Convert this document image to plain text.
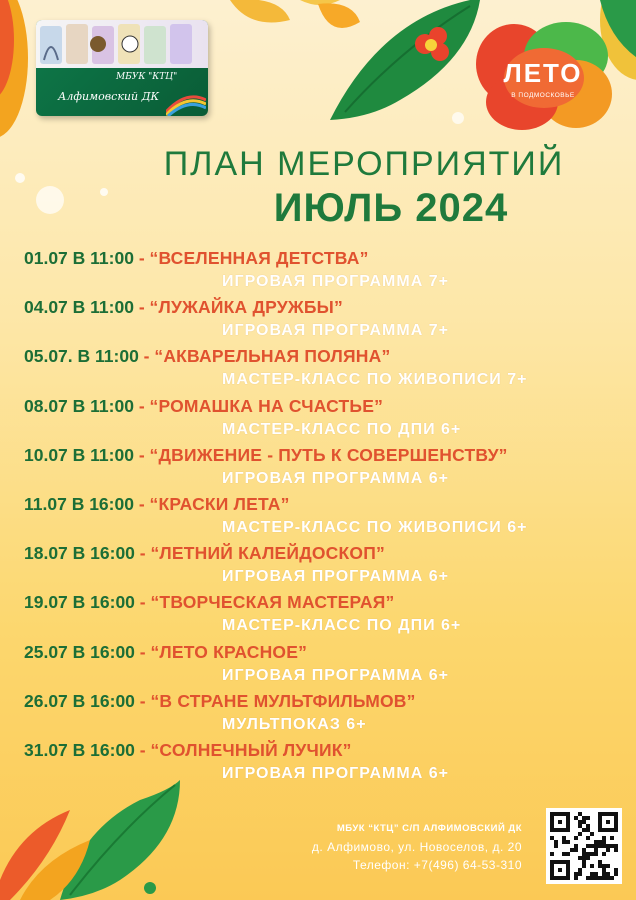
МБУК "КТЦ"
Алфимовский ДК
ЛЕТО
В ПОДМОСКОВЬЕ
ПЛАН МЕРОПРИЯТИЙ
ИЮЛЬ 2024
01.07 В 11:00 - “ВСЕЛЕННАЯ ДЕТСТВА”
ИГРОВАЯ ПРОГРАММА 7+
04.07 В 11:00 - “ЛУЖАЙКА ДРУЖБЫ”
ИГРОВАЯ ПРОГРАММА 7+
05.07. В 11:00 - “АКВАРЕЛЬНАЯ ПОЛЯНА”
МАСТЕР-КЛАСС ПО ЖИВОПИСИ 7+
08.07 В 11:00 - “РОМАШКА НА СЧАСТЬЕ”
МАСТЕР-КЛАСС ПО ДПИ 6+
10.07 В 11:00 - “ДВИЖЕНИЕ - ПУТЬ К СОВЕРШЕНСТВУ”
ИГРОВАЯ ПРОГРАММА 6+
11.07 В 16:00 - “КРАСКИ ЛЕТА”
МАСТЕР-КЛАСС ПО ЖИВОПИСИ 6+
18.07 В 16:00 - “ЛЕТНИЙ КАЛЕЙДОСКОП”
ИГРОВАЯ ПРОГРАММА 6+
19.07 В 16:00 - “ТВОРЧЕСКАЯ МАСТЕРАЯ”
МАСТЕР-КЛАСС ПО ДПИ 6+
25.07 В 16:00 - “ЛЕТО КРАСНОЕ”
ИГРОВАЯ ПРОГРАММА 6+
26.07 В 16:00 - “В СТРАНЕ МУЛЬТФИЛЬМОВ”
МУЛЬТПОКАЗ 6+
31.07 В 16:00 - “СОЛНЕЧНЫЙ ЛУЧИК”
ИГРОВАЯ ПРОГРАММА 6+
МБУК “КТЦ” С/П АЛФИМОВСКИЙ ДК
д. Алфимово, ул. Новоселов, д. 20
Телефон: +7(496) 64-53-310
